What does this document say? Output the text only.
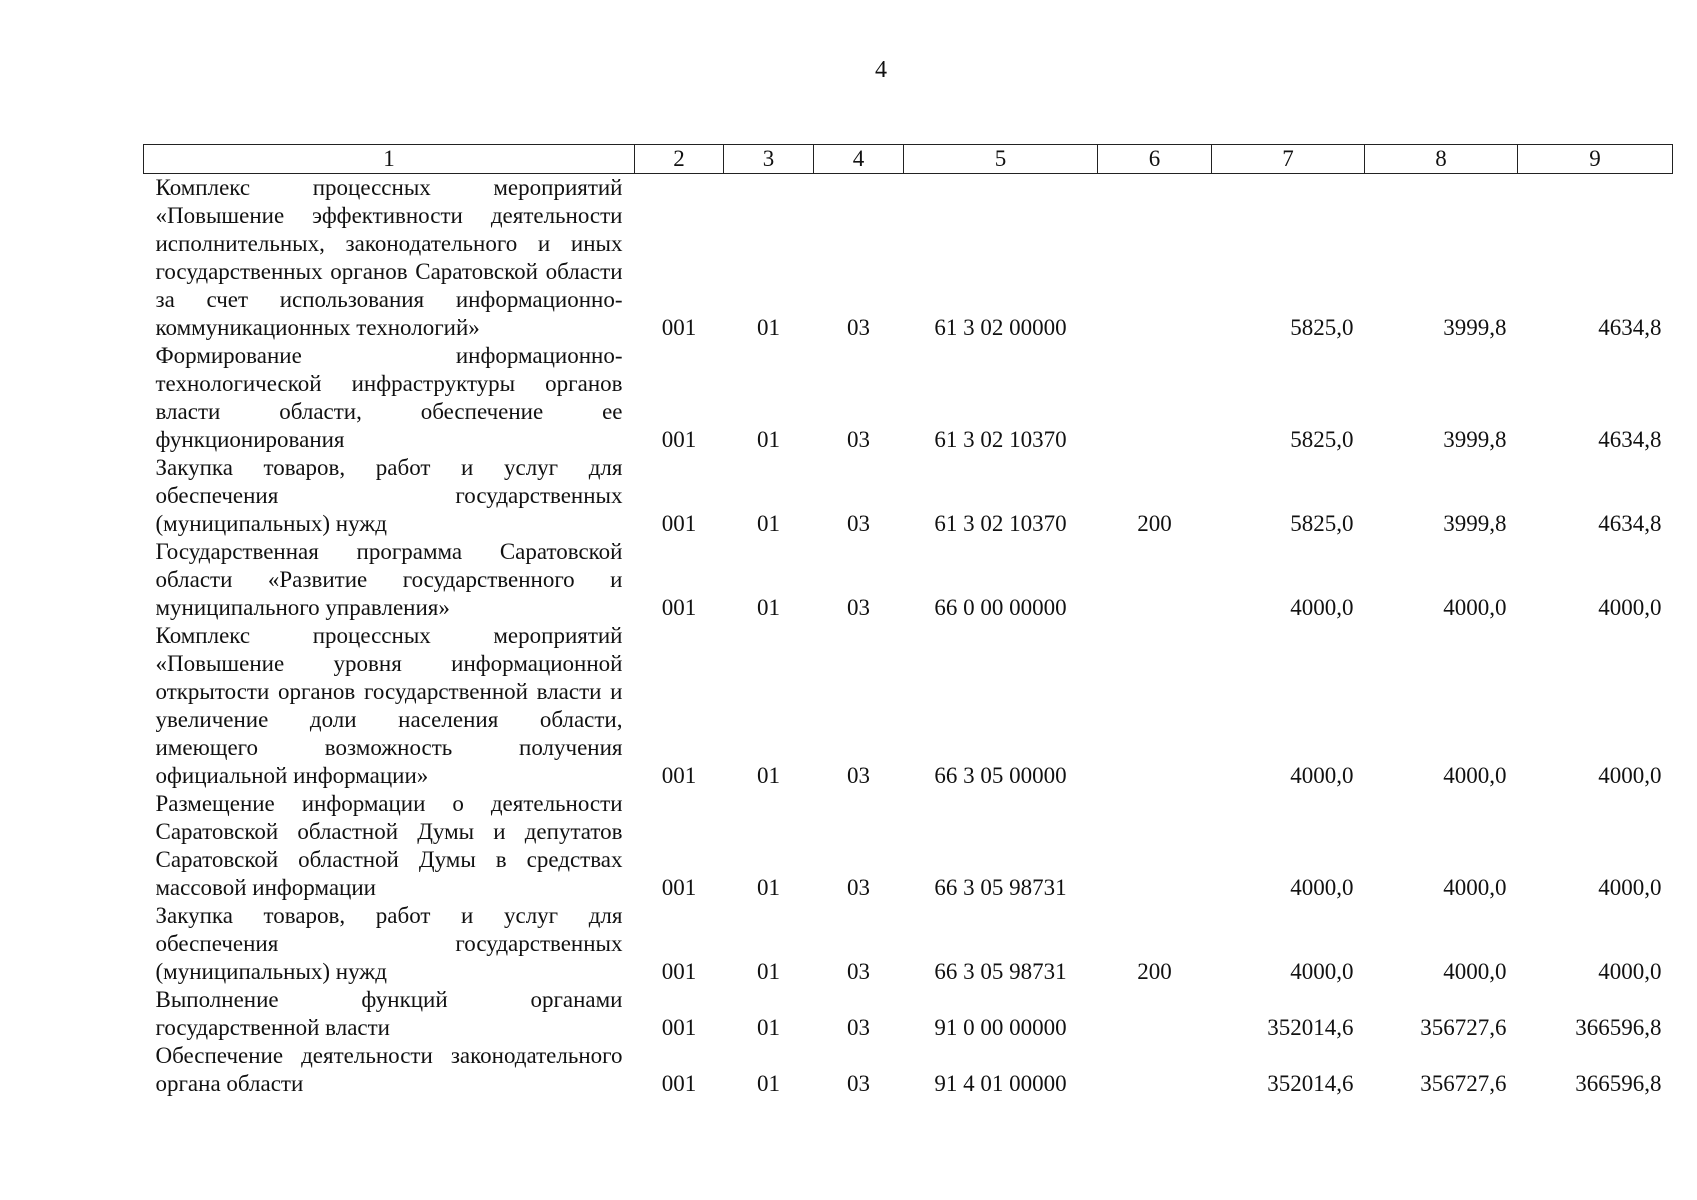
4
1	2	3	4	5	6	7	8	9
Комплекс процессных мероприятий «Повышение эффективности деятельности исполнительных, законодательного и иных государственных органов Саратовской области за счет использования информационно-коммуникационных технологий»	001	01	03	61 3 02 00000		5825,0	3999,8	4634,8
Формирование информационно-технологической инфраструктуры органов власти области, обеспечение ее функционирования	001	01	03	61 3 02 10370		5825,0	3999,8	4634,8
Закупка товаров, работ и услуг для обеспечения государственных (муниципальных) нужд	001	01	03	61 3 02 10370	200	5825,0	3999,8	4634,8
Государственная программа Саратовской области «Развитие государственного и муниципального управления»	001	01	03	66 0 00 00000		4000,0	4000,0	4000,0
Комплекс процессных мероприятий «Повышение уровня информационной открытости органов государственной власти и увеличение доли населения области, имеющего возможность получения официальной информации»	001	01	03	66 3 05 00000		4000,0	4000,0	4000,0
Размещение информации о деятельности Саратовской областной Думы и депутатов Саратовской областной Думы в средствах массовой информации	001	01	03	66 3 05 98731		4000,0	4000,0	4000,0
Закупка товаров, работ и услуг для обеспечения государственных (муниципальных) нужд	001	01	03	66 3 05 98731	200	4000,0	4000,0	4000,0
Выполнение функций органами государственной власти	001	01	03	91 0 00 00000		352014,6	356727,6	366596,8
Обеспечение деятельности законодательного органа области	001	01	03	91 4 01 00000		352014,6	356727,6	366596,8
